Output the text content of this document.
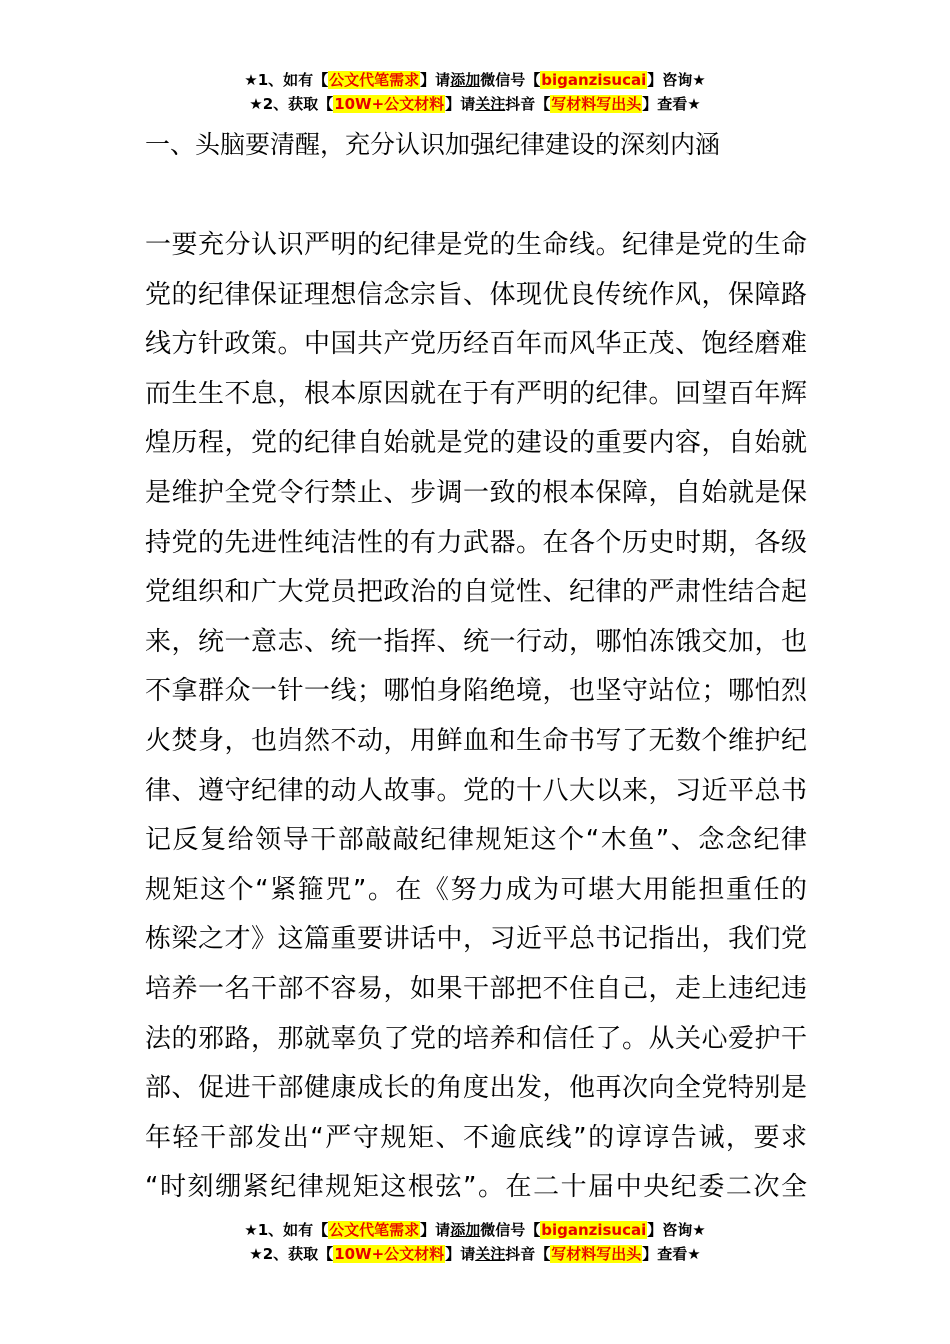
★1、如有【公文代笔需求】请添加微信号【biganzisucai】咨询★
★2、获取【10W+公文材料】请关注抖音【写材料写出头】查看★
一、头脑要清醒，充分认识加强纪律建设的深刻内涵
一要充分认识严明的纪律是党的生命线。纪律是党的生命
党的纪律保证理想信念宗旨、体现优良传统作风，保障路
线方针政策。中国共产党历经百年而风华正茂、饱经磨难
而生生不息，根本原因就在于有严明的纪律。回望百年辉
煌历程，党的纪律自始就是党的建设的重要内容，自始就
是维护全党令行禁止、步调一致的根本保障，自始就是保
持党的先进性纯洁性的有力武器。在各个历史时期，各级
党组织和广大党员把政治的自觉性、纪律的严肃性结合起
来，统一意志、统一指挥、统一行动，哪怕冻饿交加，也
不拿群众一针一线；哪怕身陷绝境，也坚守站位；哪怕烈
火焚身，也岿然不动，用鲜血和生命书写了无数个维护纪
律、遵守纪律的动人故事。党的十八大以来，习近平总书
记反复给领导干部敲敲纪律规矩这个“木鱼”、念念纪律
规矩这个“紧箍咒”。在《努力成为可堪大用能担重任的
栋梁之才》这篇重要讲话中，习近平总书记指出，我们党
培养一名干部不容易，如果干部把不住自己，走上违纪违
法的邪路，那就辜负了党的培养和信任了。从关心爱护干
部、促进干部健康成长的角度出发，他再次向全党特别是
年轻干部发出“严守规矩、不逾底线”的谆谆告诫，要求
“时刻绷紧纪律规矩这根弦”。在二十届中央纪委二次全
★1、如有【公文代笔需求】请添加微信号【biganzisucai】咨询★
★2、获取【10W+公文材料】请关注抖音【写材料写出头】查看★
